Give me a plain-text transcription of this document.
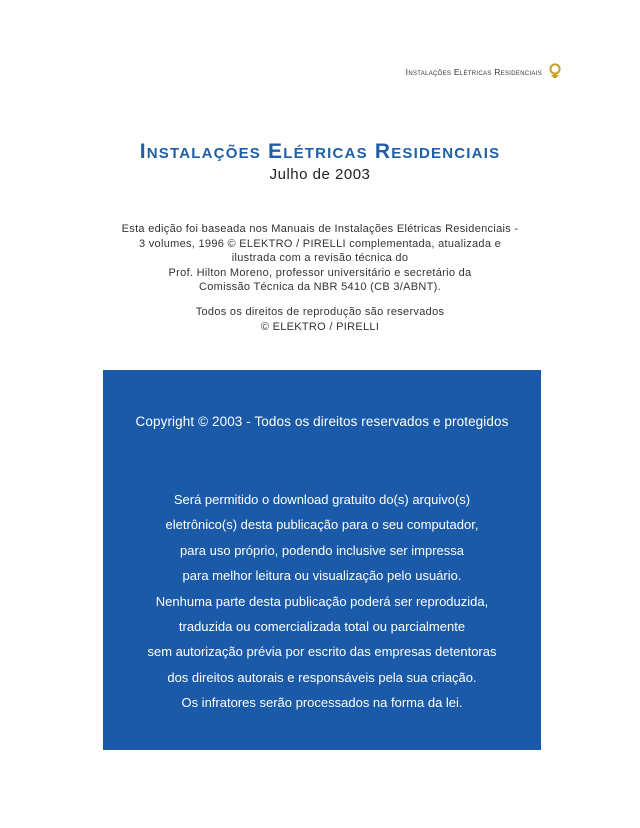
Instalações Elétricas Residenciais
Instalações Elétricas Residenciais
Julho de 2003
Esta edição foi baseada nos Manuais de Instalações Elétricas Residenciais -
3 volumes, 1996 © ELEKTRO / PIRELLI complementada, atualizada e
ilustrada com a revisão técnica do
Prof. Hilton Moreno, professor universitário e secretário da
Comissão Técnica da NBR 5410 (CB 3/ABNT).
Todos os direitos de reprodução são reservados
© ELEKTRO / PIRELLI
Copyright © 2003 - Todos os direitos reservados e protegidos
Será permitido o download gratuito do(s) arquivo(s)
eletrônico(s) desta publicação para o seu computador,
para uso próprio, podendo inclusive ser impressa
para melhor leitura ou visualização pelo usuário.
Nenhuma parte desta publicação poderá ser reproduzida,
traduzida ou comercializada total ou parcialmente
sem autorização prévia por escrito das empresas detentoras
dos direitos autorais e responsáveis pela sua criação.
Os infratores serão processados na forma da lei.
